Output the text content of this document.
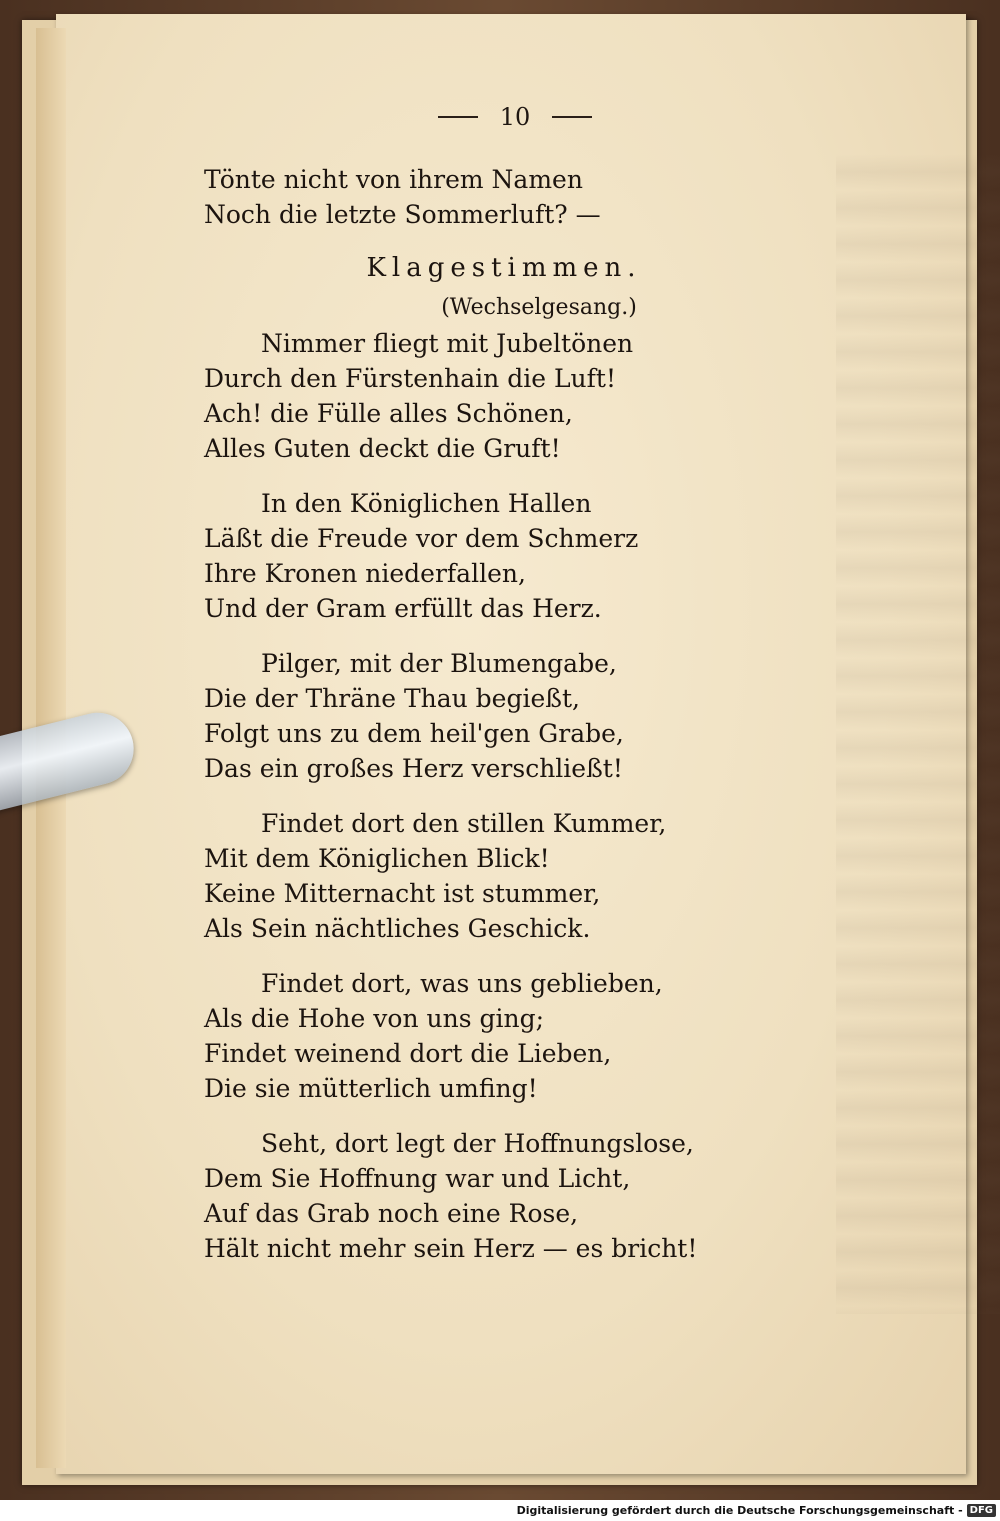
10
Tönte nicht von ihrem Namen
Noch die letzte Sommerluft? —
Klagestimmen.
(Wechselgesang.)
Nimmer fliegt mit Jubeltönen
Durch den Fürstenhain die Luft!
Ach! die Fülle alles Schönen,
Alles Guten deckt die Gruft!
In den Königlichen Hallen
Läßt die Freude vor dem Schmerz
Ihre Kronen niederfallen,
Und der Gram erfüllt das Herz.
Pilger, mit der Blumengabe,
Die der Thräne Thau begießt,
Folgt uns zu dem heil'gen Grabe,
Das ein großes Herz verschließt!
Findet dort den stillen Kummer,
Mit dem Königlichen Blick!
Keine Mitternacht ist stummer,
Als Sein nächtliches Geschick.
Findet dort, was uns geblieben,
Als die Hohe von uns ging;
Findet weinend dort die Lieben,
Die sie mütterlich umfing!
Seht, dort legt der Hoffnungslose,
Dem Sie Hoffnung war und Licht,
Auf das Grab noch eine Rose,
Hält nicht mehr sein Herz — es bricht!
Digitalisierung gefördert durch die Deutsche Forschungsgemeinschaft - DFG
